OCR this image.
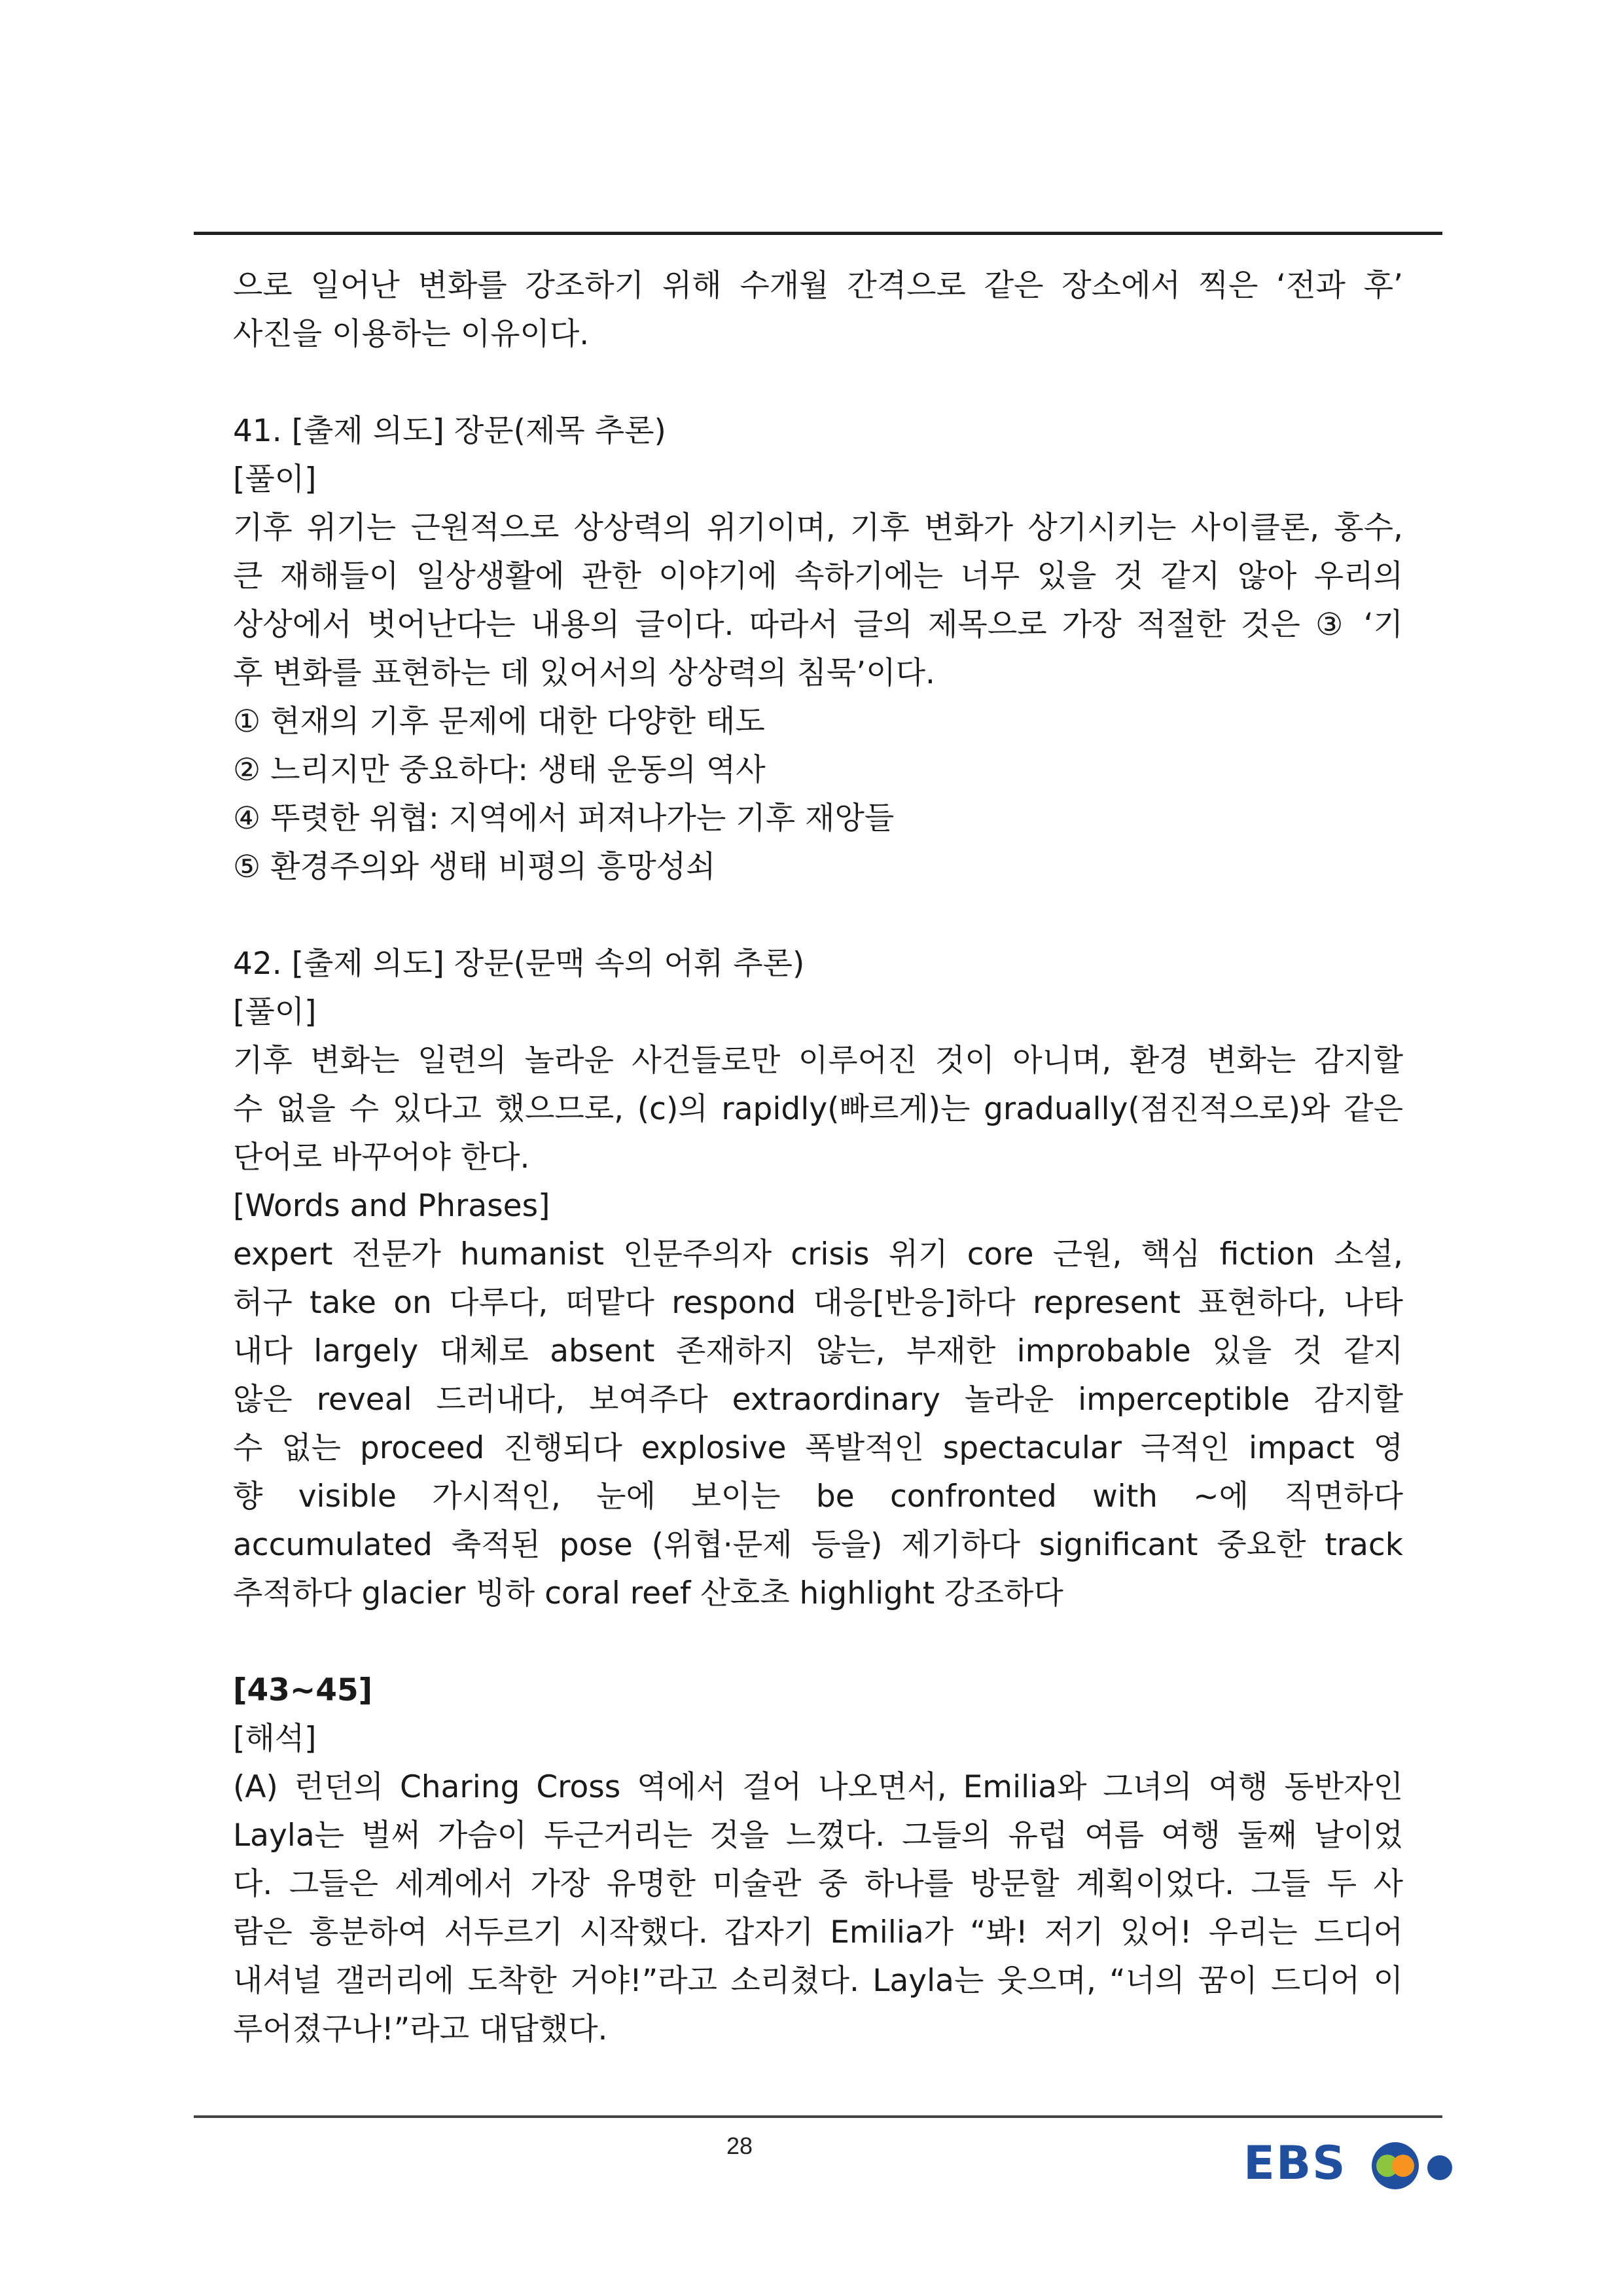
으로 일어난 변화를 강조하기 위해 수개월 간격으로 같은 장소에서 찍은 ‘전과 후’
사진을 이용하는 이유이다.
41. [출제 의도] 장문(제목 추론)
[풀이]
기후 위기는 근원적으로 상상력의 위기이며, 기후 변화가 상기시키는 사이클론, 홍수,
큰 재해들이 일상생활에 관한 이야기에 속하기에는 너무 있을 것 같지 않아 우리의
상상에서 벗어난다는 내용의 글이다. 따라서 글의 제목으로 가장 적절한 것은 ③ ‘기
후 변화를 표현하는 데 있어서의 상상력의 침묵’이다.
① 현재의 기후 문제에 대한 다양한 태도
② 느리지만 중요하다: 생태 운동의 역사
④ 뚜렷한 위협: 지역에서 퍼져나가는 기후 재앙들
⑤ 환경주의와 생태 비평의 흥망성쇠
42. [출제 의도] 장문(문맥 속의 어휘 추론)
[풀이]
기후 변화는 일련의 놀라운 사건들로만 이루어진 것이 아니며, 환경 변화는 감지할
수 없을 수 있다고 했으므로, (c)의 rapidly(빠르게)는 gradually(점진적으로)와 같은
단어로 바꾸어야 한다.
[Words and Phrases]
expert 전문가 humanist 인문주의자 crisis 위기 core 근원, 핵심 fiction 소설,
허구 take on 다루다, 떠맡다 respond 대응[반응]하다 represent 표현하다, 나타
내다 largely 대체로 absent 존재하지 않는, 부재한 improbable 있을 것 같지
않은 reveal 드러내다, 보여주다 extraordinary 놀라운 imperceptible 감지할
수 없는 proceed 진행되다 explosive 폭발적인 spectacular 극적인 impact 영
향 visible 가시적인, 눈에 보이는 be confronted with ~에 직면하다
accumulated 축적된 pose (위협·문제 등을) 제기하다 significant 중요한 track
추적하다 glacier 빙하 coral reef 산호초 highlight 강조하다
[43~45]
[해석]
(A) 런던의 Charing Cross 역에서 걸어 나오면서, Emilia와 그녀의 여행 동반자인
Layla는 벌써 가슴이 두근거리는 것을 느꼈다. 그들의 유럽 여름 여행 둘째 날이었
다. 그들은 세계에서 가장 유명한 미술관 중 하나를 방문할 계획이었다. 그들 두 사
람은 흥분하여 서두르기 시작했다. 갑자기 Emilia가 “봐! 저기 있어! 우리는 드디어
내셔널 갤러리에 도착한 거야!”라고 소리쳤다. Layla는 웃으며, “너의 꿈이 드디어 이
루어졌구나!”라고 대답했다.
28	EBS
